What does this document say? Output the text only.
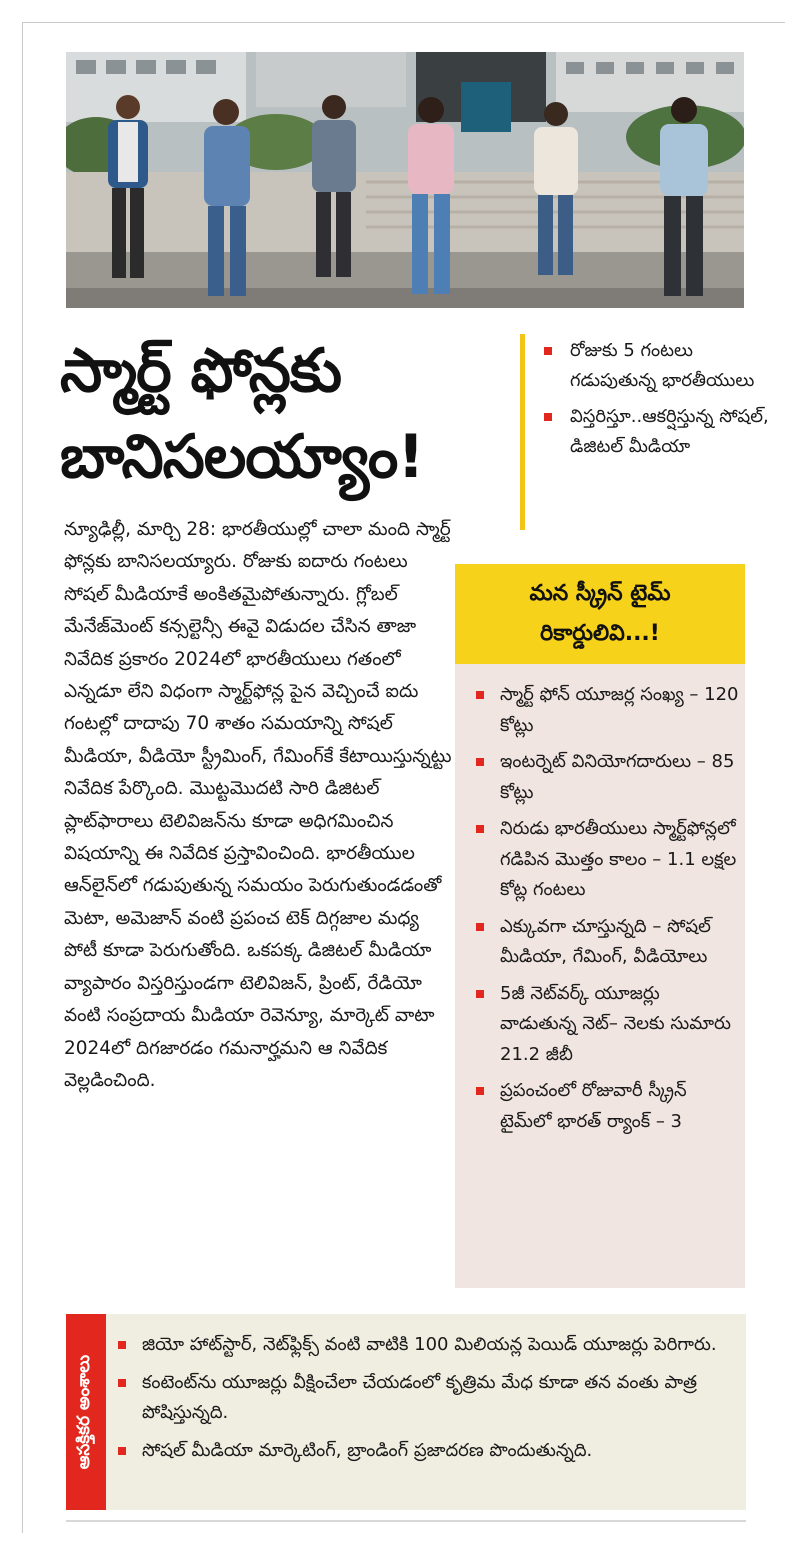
స్మార్ట్ ఫోన్లకు
బానిసలయ్యాం!
రోజుకు 5 గంటలు గడుపుతున్న భారతీయులు
విస్తరిస్తూ..ఆకర్షిస్తున్న సోషల్, డిజిటల్ మీడియా

న్యూఢిల్లీ, మార్చి 28: భారతీయుల్లో చాలా మంది స్మార్ట్ ఫోన్లకు బానిసలయ్యారు. రోజుకు ఐదారు గంటలు సోషల్ మీడియాకే అంకితమైపోతున్నారు. గ్లోబల్ మేనేజ్‌మెంట్ కన్సల్టెన్సీ ఈవై విడుదల చేసిన తాజా నివేదిక ప్రకారం 2024లో భారతీయులు గతంలో ఎన్నడూ లేని విధంగా స్మార్ట్‌ఫోన్ల పైన వెచ్చించే ఐదు గంటల్లో దాదాపు 70 శాతం సమయాన్ని సోషల్ మీడియా, వీడియో స్ట్రీమింగ్, గేమింగ్‌కే కేటాయిస్తున్నట్టు నివేదిక పేర్కొంది. మొట్టమొదటి సారి డిజిటల్ ప్లాట్‌ఫారాలు టెలివిజన్‌ను కూడా అధిగమించిన విషయాన్ని ఈ నివేదిక ప్రస్తావించింది. భారతీయుల ఆన్‌లైన్‌లో గడుపుతున్న సమయం పెరుగుతుండడంతో మెటా, అమెజాన్ వంటి ప్రపంచ టెక్ దిగ్గజాల మధ్య పోటీ కూడా పెరుగుతోంది. ఒకపక్క డిజిటల్ మీడియా వ్యాపారం విస్తరిస్తుండగా టెలివిజన్, ప్రింట్, రేడియో వంటి సంప్రదాయ మీడియా రెవెన్యూ, మార్కెట్ వాటా 2024లో దిగజారడం గమనార్హమని ఆ నివేదిక వెల్లడించింది.

మన స్క్రీన్ టైమ్
రికార్డులివి...!
స్మార్ట్ ఫోన్ యూజర్ల సంఖ్య – 120 కోట్లు
ఇంటర్నెట్ వినియోగదారులు – 85 కోట్లు
నిరుడు భారతీయులు స్మార్ట్‌ఫోన్లలో గడిపిన మొత్తం కాలం – 1.1 లక్షల కోట్ల గంటలు
ఎక్కువగా చూస్తున్నది – సోషల్ మీడియా, గేమింగ్, వీడియోలు
5జీ నెట్‌వర్క్ యూజర్లు వాడుతున్న నెట్– నెలకు సుమారు 21.2 జీబీ
ప్రపంచంలో రోజువారీ స్క్రీన్ టైమ్‌లో భారత్ ర్యాంక్ – 3
ఆసక్తికర అంశాలు
జియో హాట్‌స్టార్, నెట్‌ఫ్లిక్స్ వంటి వాటికి 100 మిలియన్ల పెయిడ్ యూజర్లు పెరిగారు.
కంటెంట్‌ను యూజర్లు వీక్షించేలా చేయడంలో కృత్రిమ మేధ కూడా తన వంతు పాత్ర పోషిస్తున్నది.
సోషల్ మీడియా మార్కెటింగ్, బ్రాండింగ్ ప్రజాదరణ పొందుతున్నది.
